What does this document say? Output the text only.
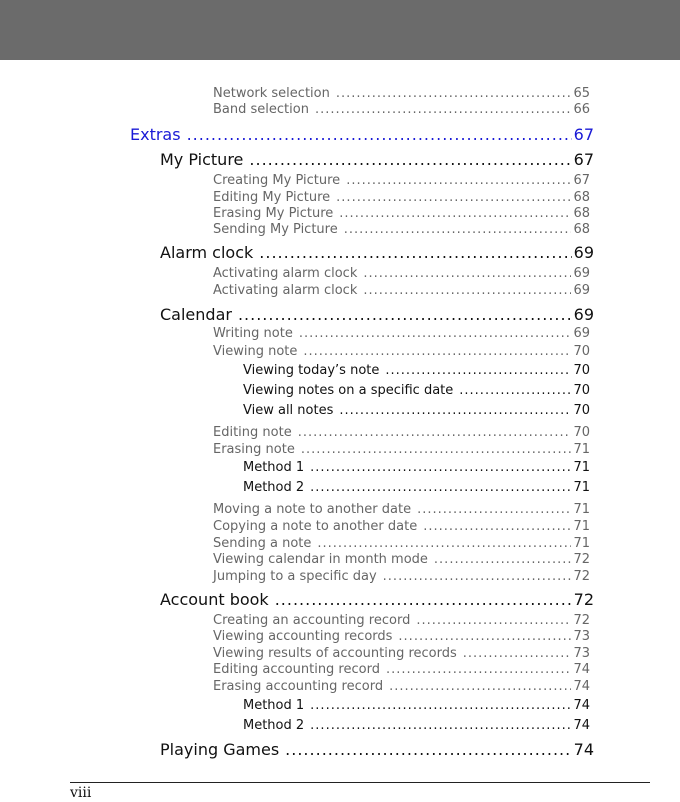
Network selection .....	65
Band selection .....	66
Extras .....	67
My Picture .....	67
Creating My Picture .....	67
Editing My Picture .....	68
Erasing My Picture .....	68
Sending My Picture .....	68
Alarm clock .....	69
Activating alarm clock .....	69
Activating alarm clock .....	69
Calendar .....	69
Writing note .....	69
Viewing note .....	70
Viewing today’s note .....	70
Viewing notes on a specific date .....	70
View all notes .....	70
Editing note .....	70
Erasing note .....	71
Method 1 .....	71
Method 2 .....	71
Moving a note to another date .....	71
Copying a note to another date .....	71
Sending a note .....	71
Viewing calendar in month mode .....	72
Jumping to a specific day .....	72
Account book .....	72
Creating an accounting record .....	72
Viewing accounting records .....	73
Viewing results of accounting records .....	73
Editing accounting record .....	74
Erasing accounting record .....	74
Method 1 .....	74
Method 2 .....	74
Playing Games .....	74
viii
